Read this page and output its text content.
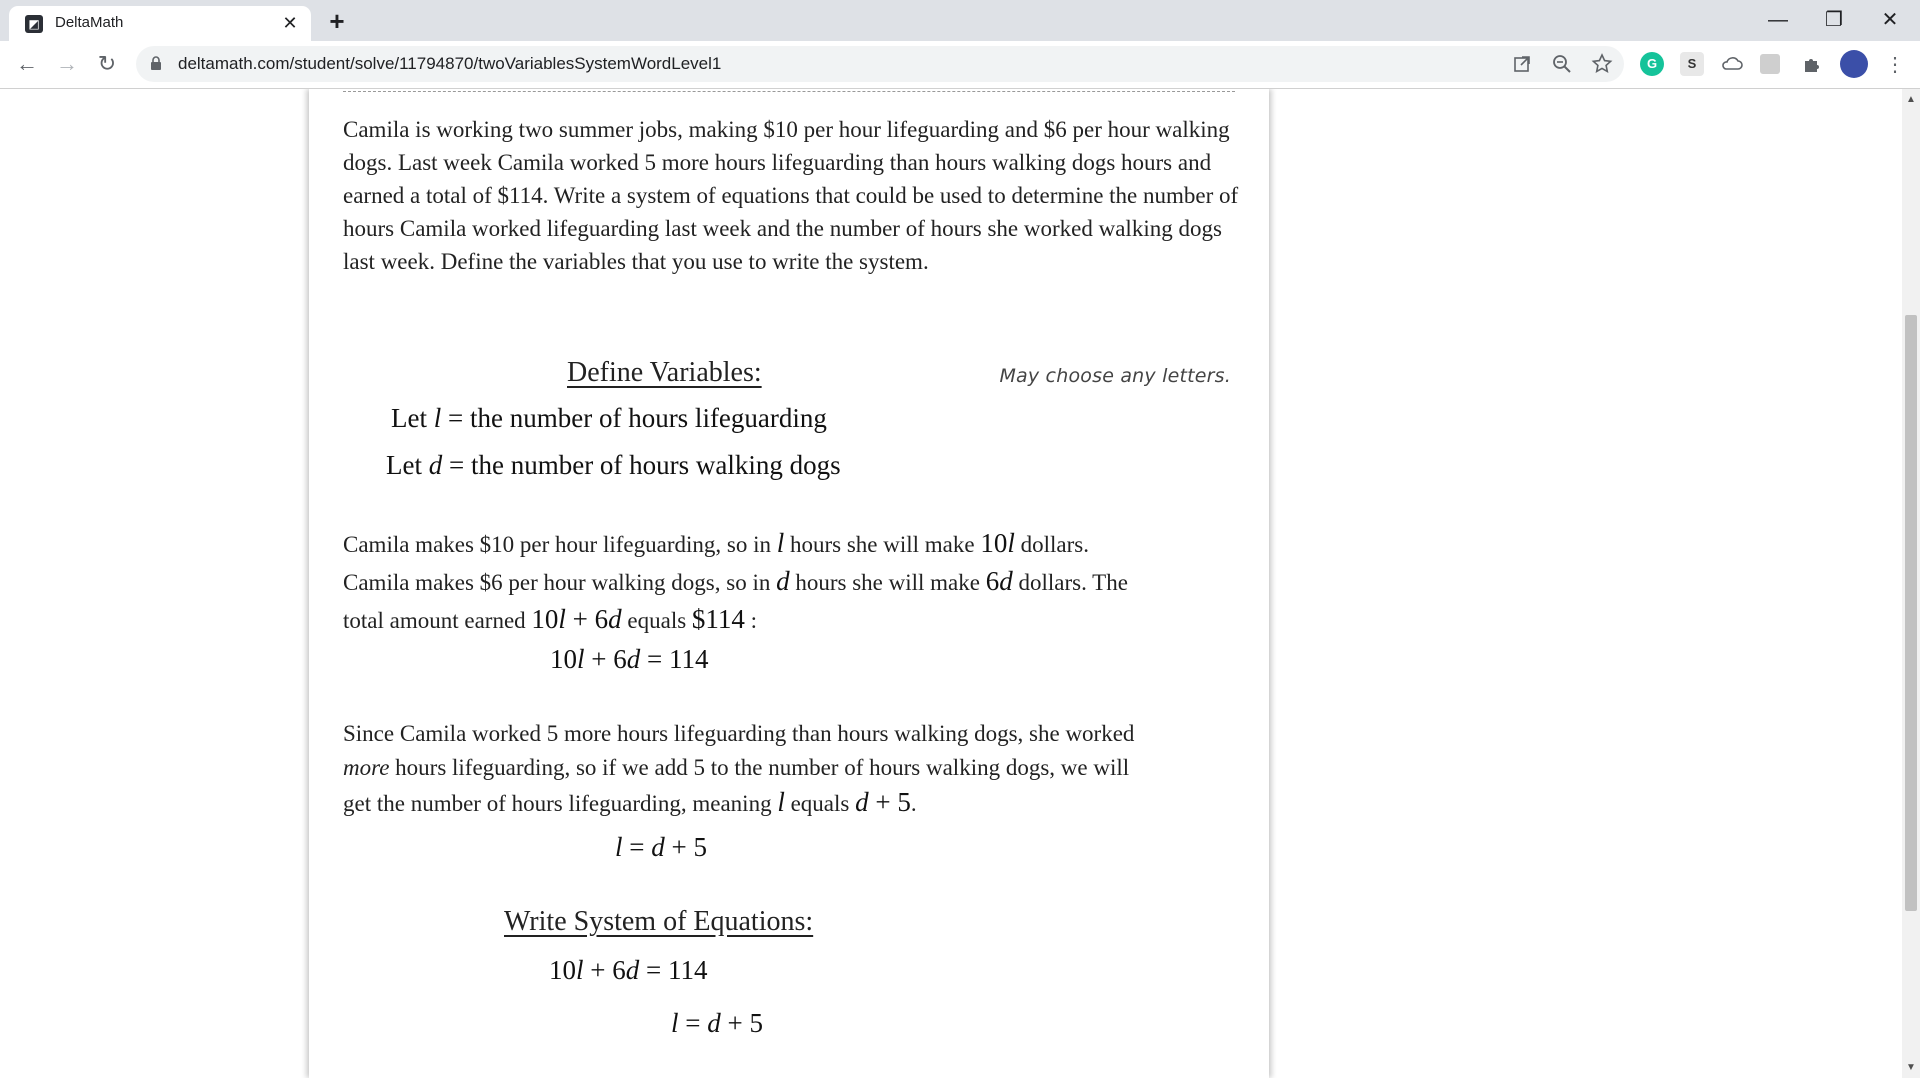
◩ DeltaMath	✕	+	—	❐	✕
← → ↻	deltamath.com/student/solve/11794870/twoVariablesSystemWordLevel1	G	S	⋮
Camila is working two summer jobs, making $10 per hour lifeguarding and $6 per hour walking dogs. Last week Camila worked 5 more hours lifeguarding than hours walking dogs hours and earned a total of $114. Write a system of equations that could be used to determine the number of hours Camila worked lifeguarding last week and the number of hours she worked walking dogs last week. Define the variables that you use to write the system.
Define Variables:	May choose any letters.
Let l = the number of hours lifeguarding
Let d = the number of hours walking dogs
Camila makes $10 per hour lifeguarding, so in l hours she will make 10l dollars.
Camila makes $6 per hour walking dogs, so in d hours she will make 6d dollars. The
total amount earned 10l + 6d equals $114 :
10l + 6d = 114
Since Camila worked 5 more hours lifeguarding than hours walking dogs, she worked
more hours lifeguarding, so if we add 5 to the number of hours walking dogs, we will
get the number of hours lifeguarding, meaning l equals d + 5.
l = d + 5
Write System of Equations:
10l + 6d = 114
l = d + 5
▲
▼
